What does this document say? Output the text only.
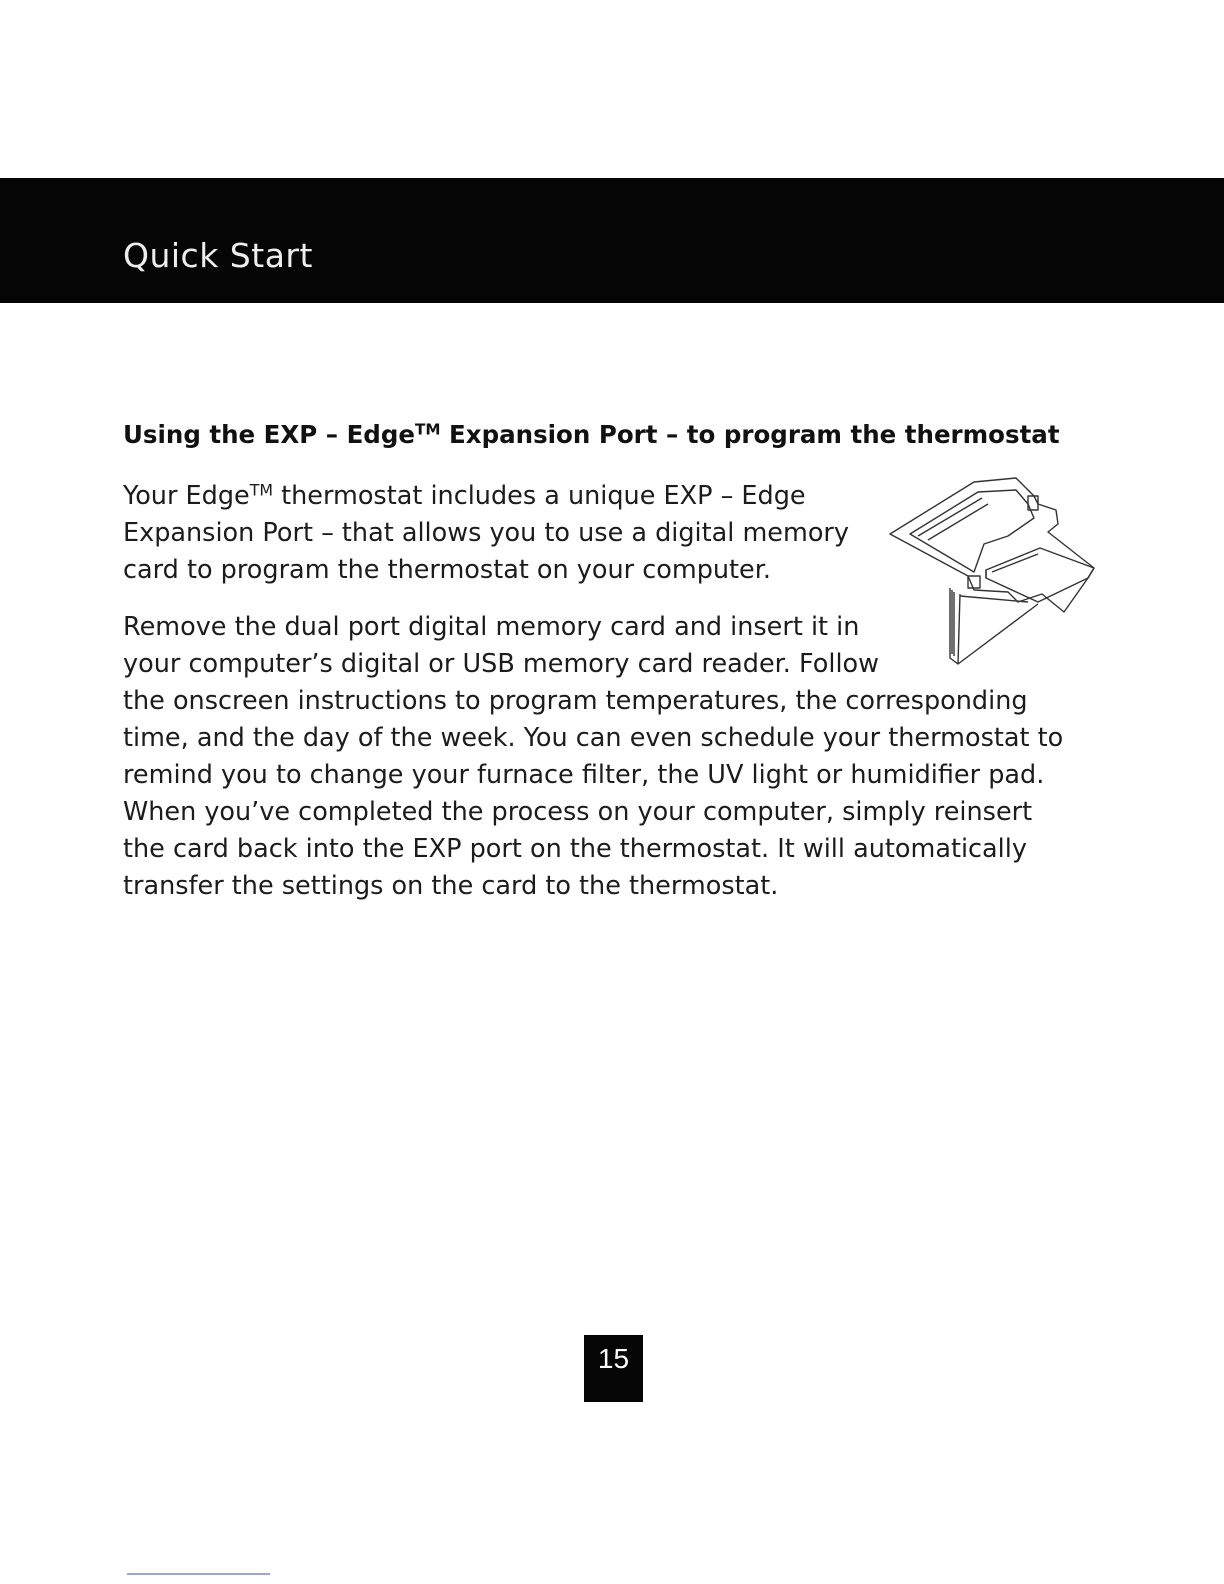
Quick Start
Using the EXP – Edge™ Expansion Port – to program the thermostat
Your Edge™ thermostat includes a unique EXP – Edge
Expansion Port – that allows you to use a digital memory
card to program the thermostat on your computer.
Remove the dual port digital memory card and insert it in
your computer’s digital or USB memory card reader. Follow
the onscreen instructions to program temperatures, the corresponding
time, and the day of the week. You can even schedule your thermostat to
remind you to change your furnace filter, the UV light or humidifier pad.
When you’ve completed the process on your computer, simply reinsert
the card back into the EXP port on the thermostat. It will automatically
transfer the settings on the card to the thermostat.
15
